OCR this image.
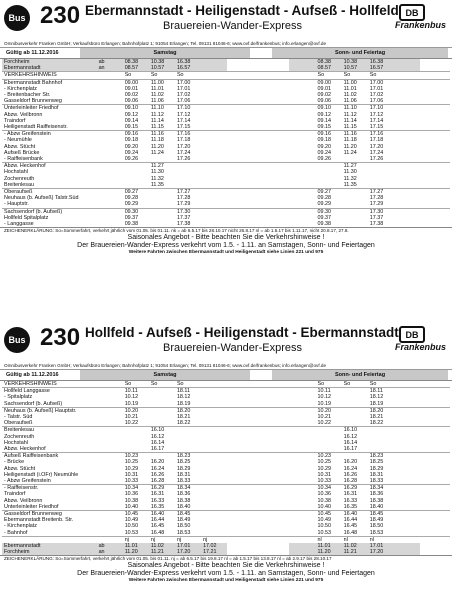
Bus 230 Ebermannstadt - Heiligenstadt - Aufseß - Hollfeld
Brauereien-Wander-Express
DB
Frankenbus
Omnibusverkehr Franken GmbH; Verkaufsbüro Erlangen; Bahnhofplatz 1; 91054 Erlangen; Tel. 09131 81046-6; www.ovf.de/frankenbus; info.erlangen@ovf.de
Gültig ab 11.12.2016	Samstag	Sonn- und Feiertag
Forchheim	ab	08.38	10.38	16.38				08.38	10.38	16.38		
Ebermannstadt	an	08.57	10.57	16.57				08.57	10.57	16.57		
VERKEHRSHINWEIS		So	So	So				So	So	So		
Ebermannstadt Bahnhof		09.00	11.00	17.00				09.00	11.00	17.00		
- Kirchenplatz		09.01	11.01	17.01				09.01	11.01	17.01		
- Breitenbacher Str.		09.02	11.02	17.02				09.02	11.02	17.02		
Gasseldorf Brunnenweg		09.06	11.06	17.06				09.06	11.06	17.06		
Unterleinleiter Friedhof		09.10	11.10	17.10				09.10	11.10	17.10		
Abzw. Veilbronn		09.12	11.12	17.12				09.12	11.12	17.12		
Traindorf		09.14	11.14	17.14				09.14	11.14	17.14		
Heiligenstadt Raiffeisenstr.		09.15	11.15	17.15				09.15	11.15	17.15		
- Abzw Greifenstein		09.16	11.16	17.16				09.16	11.16	17.16		
- Neumühle		09.18	11.18	17.18				09.18	11.18	17.18		
Abzw. Stücht		09.20	11.20	17.20				09.20	11.20	17.20		
Aufseß Brücke		09.24	11.24	17.24				09.24	11.24	17.24		
- Raiffeisenbank		09.26		17.26				09.26		17.26		
Abzw. Heckenhof			11.27						11.27			
Hochstahl			11.30						11.30			
Zochenreuth			11.32						11.32			
Breitenlesau			11.35						11.35			
Oberaufseß		09.27		17.27				09.27		17.27		
Neuhaus (b. Aufseß) Talstr.Süd		09.28		17.28				09.28		17.28		
- Hauptstr.		09.29		17.29				09.29		17.29		
Sachsendorf (b. Aufseß)		09.30		17.30				09.30		17.30		
Hollfeld Spitalplatz		09.37		17.37				09.37		17.37		
- Langgasse		09.38		17.38				09.38		17.38		
ZEICHENERKLÄRUNG: So=Sommerfahrt, verkehrt jährlich vom 01.05. bis 01.11. nk = ab 6.5.17 bis 28.10.17 nicht 26.8.17 nl = ab 1.5.17 bis 1.11.17, nicht 20.8.17, 27.8.
Saisonales Angebot - Bitte beachten Sie die Verkehrshinweise !
Der Brauereien-Wander-Express verkehrt vom 1.5. - 1.11. an Samstagen, Sonn- und Feiertagen
Weitere Fahrten zwischen Ebermannstadt und Heiligenstadt siehe Linien 221 und 975
Bus 230 Hollfeld - Aufseß - Heiligenstadt - Ebermannstadt
Brauereien-Wander-Express
DB
Frankenbus
Omnibusverkehr Franken GmbH; Verkaufsbüro Erlangen; Bahnhofplatz 1; 91054 Erlangen; Tel. 09131 81046-6; www.ovf.de/frankenbus; info.erlangen@ovf.de
Gültig ab 11.12.2016	Samstag	Sonn- und Feiertag
VERKEHRSHINWEIS		So	So	So				So	So	So		
Hollfeld Langgasse		10.11		18.11				10.11		18.11		
- Spitalplatz		10.12		18.12				10.12		18.12		
Sachsendorf (b. Aufseß)		10.19		18.19				10.19		18.19		
Neuhaus (b. Aufseß) Hauptstr.		10.20		18.20				10.20		18.20		
- Talstr. Süd		10.21		18.21				10.21		18.21		
Oberaufseß		10.22		18.22				10.22		18.22		
Breitenlesau			16.10						16.10			
Zochenreuth			16.12						16.12			
Hochstahl			16.14						16.14			
Abzw. Heckenhof			16.17						16.17			
Aufseß Raiffeisenbank		10.23		18.23				10.23		18.23		
- Brücke		10.25	16.20	18.25				10.25	16.20	18.25		
Abzw. Stücht		10.29	16.24	18.29				10.29	16.24	18.29		
Heiligenstadt (i.OFr) Neumühle		10.31	16.26	18.31				10.31	16.26	18.31		
- Abzw Greifenstein		10.33	16.28	18.33				10.33	16.28	18.33		
- Raiffeisenstr.		10.34	16.29	18.34				10.34	16.29	18.34		
Traindorf		10.36	16.31	18.36				10.36	16.31	18.36		
Abzw. Veilbronn		10.38	16.33	18.38				10.38	16.33	18.38		
Unterleinleiter Friedhof		10.40	16.35	18.40				10.40	16.35	18.40		
Gasseldorf Brunnenweg		10.45	16.40	18.45				10.45	16.40	18.45		
Ebermannstadt Breitenb. Str.		10.49	16.44	18.49				10.49	16.44	18.49		
- Kirchenplatz		10.50	16.45	18.50				10.50	16.45	18.50		
- Bahnhof		10.53	16.48	18.53				10.53	16.48	18.53		
		nj	nj	nj	nj			nl	nl	nl		
Ebermannstadt	ab	11.01	11.02	17.01	17.02			11.01	11.02	17.01		
Forchheim	an	11.20	11.21	17.20	17.21			11.20	11.21	17.20		
ZEICHENERKLÄRUNG: So=Sommerfahrt, verkehrt jährlich vom 01.05. bis 01.11. nj = ab 6.5.17 bis 19.8.17 nl = ab 1.5.17 bis 13.8.17 nl = ab 2.9.17 bis 28.10.17
Saisonales Angebot - Bitte beachten Sie die Verkehrshinweise !
Der Brauereien-Wander-Express verkehrt vom 1.5. - 1.11. an Samstagen, Sonn- und Feiertagen
Weitere Fahrten zwischen Ebermannstadt und Heiligenstadt siehe Linien 221 und 975
